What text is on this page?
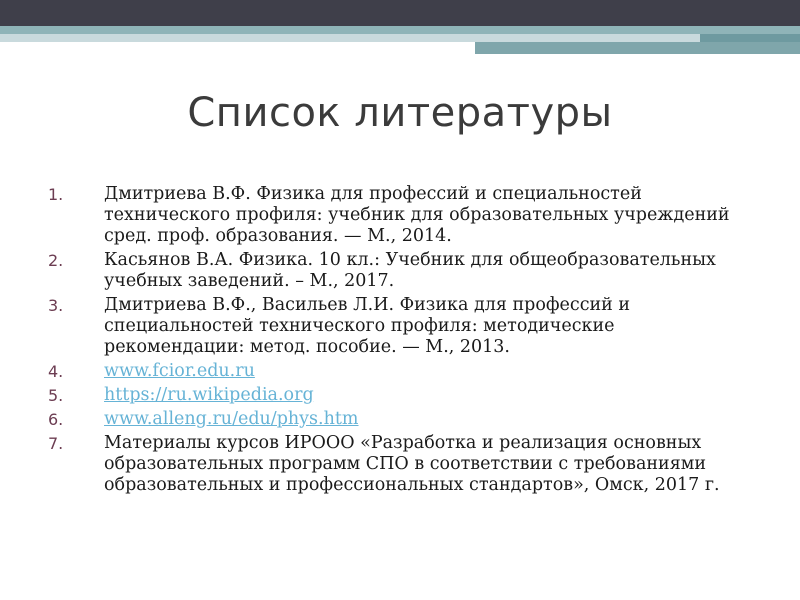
Список литературы
1. Дмитриева В.Ф. Физика для профессий и специальностей технического профиля: учебник для образовательных учреждений сред. проф. образования. — М., 2014.
2. Касьянов В.А. Физика. 10 кл.: Учебник для общеобразовательных учебных заведений. – М., 2017.
3. Дмитриева В.Ф., Васильев Л.И. Физика для профессий и специальностей технического профиля: методические рекомендации: метод. пособие. — М., 2013.
4. www.fcior.edu.ru
5. https://ru.wikipedia.org
6. www.alleng.ru/edu/phys.htm
7. Материалы курсов ИРООО «Разработка и реализация основных образовательных программ СПО в соответствии с требованиями образовательных и профессиональных стандартов», Омск, 2017 г.
